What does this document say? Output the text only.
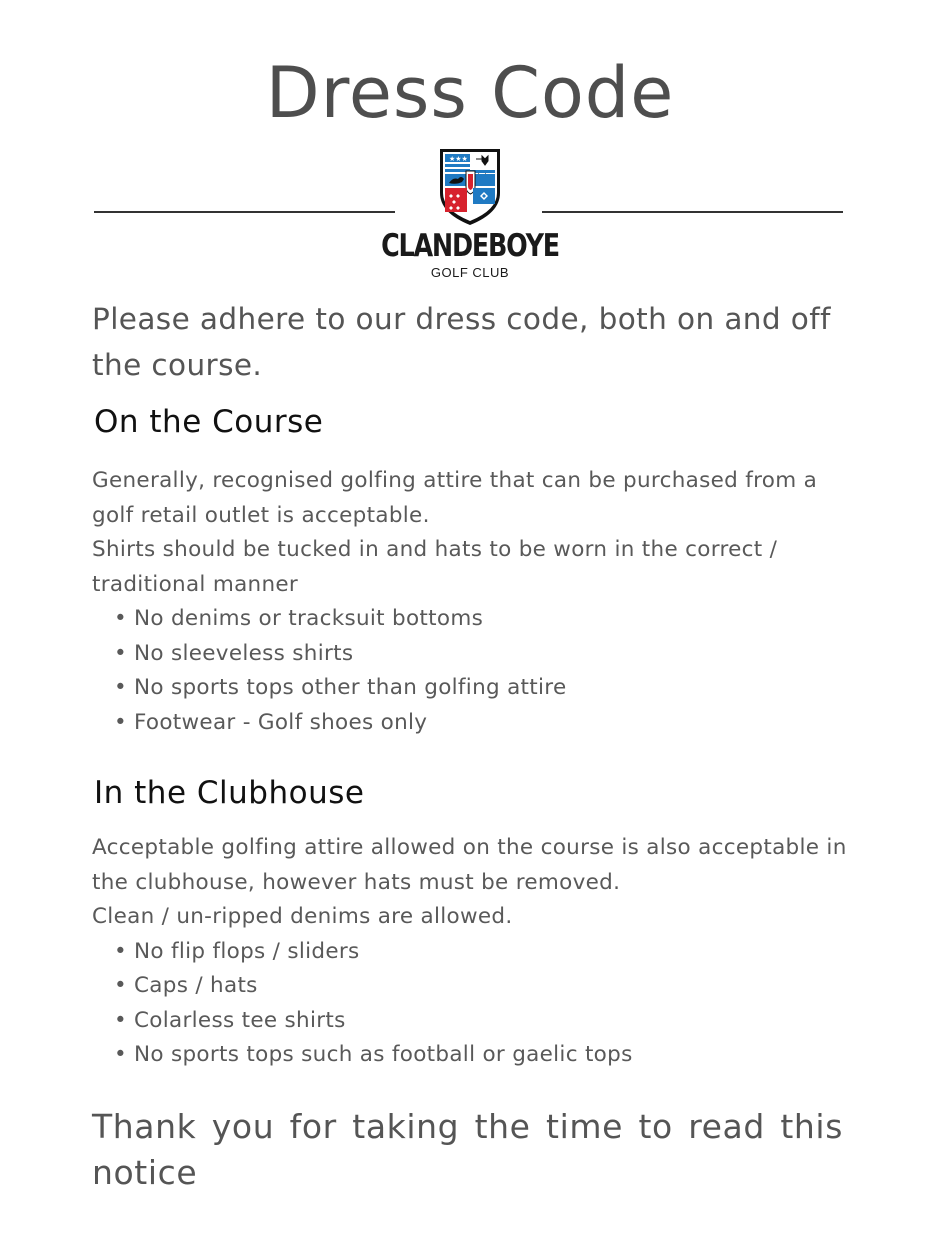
Dress Code
★★★
CLANDEBOYE
GOLF CLUB

Please adhere to our dress code, both on and off the course.

On the Course

Generally, recognised golfing attire that can be purchased from a golf retail outlet is acceptable.

Shirts should be tucked in and hats to be worn in the correct / traditional manner

• No denims or tracksuit bottoms
• No sleeveless shirts
• No sports tops other than golfing attire
• Footwear - Golf shoes only
In the Clubhouse

Acceptable golfing attire allowed on the course is also acceptable in the clubhouse, however hats must be removed.

Clean / un-ripped denims are allowed.

• No flip flops / sliders
• Caps / hats
• Colarless tee shirts
• No sports tops such as football or gaelic tops

Thank you for taking the time to read this notice
